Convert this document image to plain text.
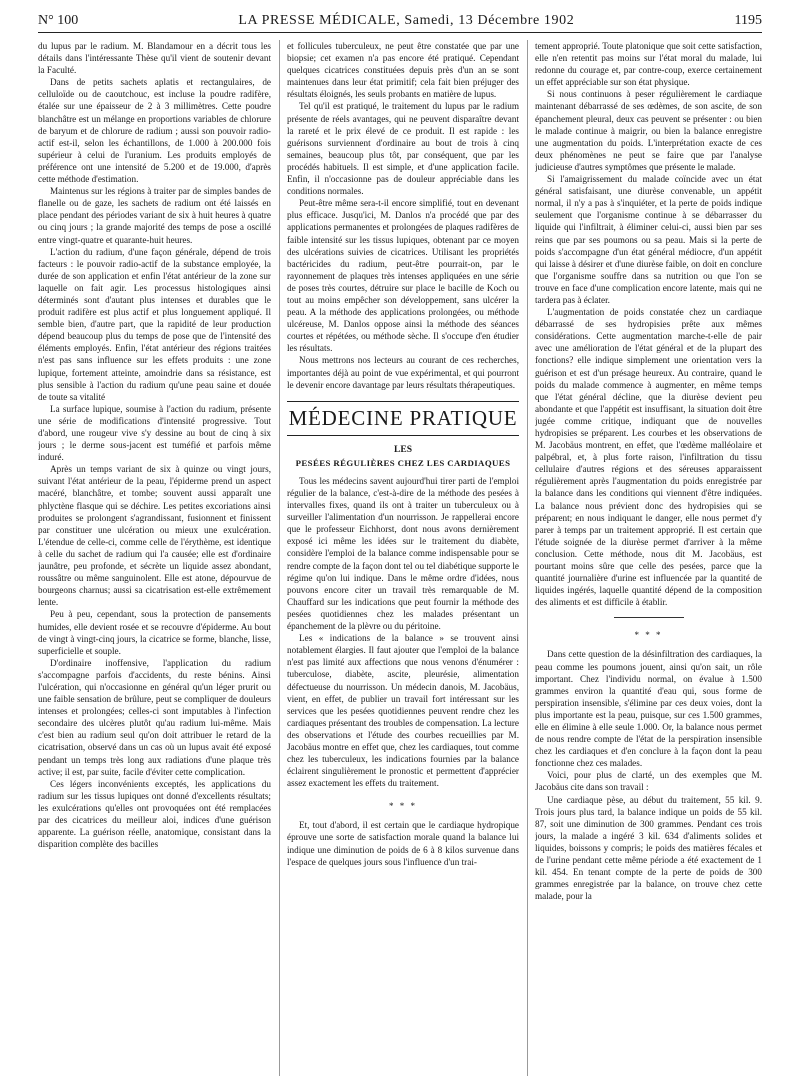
N° 100	LA PRESSE MÉDICALE, Samedi, 13 Décembre 1902	1195

du lupus par le radium. M. Blandamour en a décrit tous les détails dans l'intéressante Thèse qu'il vient de soutenir devant la Faculté.

Dans de petits sachets aplatis et rectangulaires, de celluloïde ou de caoutchouc, est incluse la poudre radifère, étalée sur une épaisseur de 2 à 3 millimètres. Cette poudre blanchâtre est un mélange en proportions variables de chlorure de baryum et de chlorure de radium ; aussi son pouvoir radio-actif est-il, selon les échantillons, de 1.000 à 200.000 fois supérieur à celui de l'uranium. Les produits employés de préférence ont une intensité de 5.200 et de 19.000, d'après cette méthode d'estimation.

Maintenus sur les régions à traiter par de simples bandes de flanelle ou de gaze, les sachets de radium ont été laissés en place pendant des périodes variant de six à huit heures à quatre ou cinq jours ; la grande majorité des temps de pose a oscillé entre vingt-quatre et quarante-huit heures.

L'action du radium, d'une façon générale, dépend de trois facteurs : le pouvoir radio-actif de la substance employée, la durée de son application et enfin l'état antérieur de la zone sur laquelle on fait agir. Les processus histologiques ainsi déterminés sont d'autant plus intenses et durables que le produit radifère est plus actif et plus longuement appliqué. Il semble bien, d'autre part, que la rapidité de leur production dépend beaucoup plus du temps de pose que de l'intensité des éléments employés. Enfin, l'état antérieur des régions traitées n'est pas sans influence sur les effets produits : une zone lupique, fortement atteinte, amoindrie dans sa résistance, est plus sensible à l'action du radium qu'une peau saine et douée de toute sa vitalité

La surface lupique, soumise à l'action du radium, présente une série de modifications d'intensité progressive. Tout d'abord, une rougeur vive s'y dessine au bout de cinq à six jours ; le derme sous-jacent est tuméfié et parfois même induré.

Après un temps variant de six à quinze ou vingt jours, suivant l'état antérieur de la peau, l'épiderme prend un aspect macéré, blanchâtre, et tombe; souvent aussi apparaît une phlyctène flasque qui se déchire. Les petites excoriations ainsi produites se prolongent s'agrandissant, fusionnent et finissent par constituer une ulcération ou mieux une exulcération. L'étendue de celle-ci, comme celle de l'érythème, est identique à celle du sachet de radium qui l'a causée; elle est d'ordinaire jaunâtre, peu profonde, et sécrète un liquide assez abondant, roussâtre ou même sanguinolent. Elle est atone, dépourvue de bourgeons charnus; aussi sa cicatrisation est-elle extrêmement lente.

Peu à peu, cependant, sous la protection de pansements humides, elle devient rosée et se recouvre d'épiderme. Au bout de vingt à vingt-cinq jours, la cicatrice se forme, blanche, lisse, superficielle et souple.

D'ordinaire inoffensive, l'application du radium s'accompagne parfois d'accidents, du reste bénins. Ainsi l'ulcération, qui n'occasionne en général qu'un léger prurit ou une faible sensation de brûlure, peut se compliquer de douleurs intenses et prolongées; celles-ci sont imputables à l'infection secondaire des ulcères plutôt qu'au radium lui-même. Mais c'est bien au radium seul qu'on doit attribuer le retard de la cicatrisation, observé dans un cas où un lupus avait été exposé pendant un temps très long aux radiations d'une plaque très active; il est, par suite, facile d'éviter cette complication.

Ces légers inconvénients exceptés, les applications du radium sur les tissus lupiques ont donné d'excellents résultats; les exulcérations qu'elles ont provoquées ont été remplacées par des cicatrices du meilleur aloi, indices d'une guérison apparente. La guérison réelle, anatomique, consistant dans la disparition complète des bacilles

et follicules tuberculeux, ne peut être constatée que par une biopsie; cet examen n'a pas encore été pratiqué. Cependant quelques cicatrices constituées depuis près d'un an se sont maintenues dans leur état primitif; cela fait bien préjuger des résultats éloignés, les seuls probants en matière de lupus.

Tel qu'il est pratiqué, le traitement du lupus par le radium présente de réels avantages, qui ne peuvent disparaître devant la rareté et le prix élevé de ce produit. Il est rapide : les guérisons surviennent d'ordinaire au bout de trois à cinq semaines, beaucoup plus tôt, par conséquent, que par les procédés habituels. Il est simple, et d'une application facile. Enfin, il n'occasionne pas de douleur appréciable dans les conditions normales.

Peut-être même sera-t-il encore simplifié, tout en devenant plus efficace. Jusqu'ici, M. Danlos n'a procédé que par des applications permanentes et prolongées de plaques radifères de faible intensité sur les tissus lupiques, obtenant par ce moyen des ulcérations suivies de cicatrices. Utilisant les propriétés bactéricides du radium, peut-être pourrait-on, par le rayonnement de plaques très intenses appliquées en une série de poses très courtes, détruire sur place le bacille de Koch ou tout au moins empêcher son développement, sans ulcérer la peau. A la méthode des applications prolongées, ou méthode ulcéreuse, M. Danlos oppose ainsi la méthode des séances courtes et répétées, ou méthode sèche. Il s'occupe d'en étudier les résultats.

Nous mettrons nos lecteurs au courant de ces recherches, importantes déjà au point de vue expérimental, et qui pourront le devenir encore davantage par leurs résultats thérapeutiques.

MÉDECINE PRATIQUE
LES
PESÉES RÉGULIÈRES CHEZ LES CARDIAQUES

Tous les médecins savent aujourd'hui tirer parti de l'emploi régulier de la balance, c'est-à-dire de la méthode des pesées à intervalles fixes, quand ils ont à traiter un tuberculeux ou à surveiller l'alimentation d'un nourrisson. Je rappellerai encore que le professeur Eichhorst, dont nous avons dernièrement exposé ici même les idées sur le traitement du diabète, considère l'emploi de la balance comme indispensable pour se rendre compte de la façon dont tel ou tel diabétique supporte le régime qu'on lui indique. Dans le même ordre d'idées, nous pouvons encore citer un travail très remarquable de M. Chauffard sur les indications que peut fournir la méthode des pesées quotidiennes chez les malades présentant un épanchement de la plèvre ou du péritoine.

Les « indications de la balance » se trouvent ainsi notablement élargies. Il faut ajouter que l'emploi de la balance n'est pas limité aux affections que nous venons d'énumérer : tuberculose, diabète, ascite, pleurésie, alimentation défectueuse du nourrisson. Un médecin danois, M. Jacobäus, vient, en effet, de publier un travail fort intéressant sur les services que les pesées quotidiennes peuvent rendre chez les cardiaques présentant des troubles de compensation. La lecture des observations et l'étude des courbes recueillies par M. Jacobäus montre en effet que, chez les cardiaques, tout comme chez les tuberculeux, les indications fournies par la balance éclairent singulièrement le pronostic et permettent d'apprécier assez exactement les effets du traitement.

* * *

Et, tout d'abord, il est certain que le cardiaque hydropique éprouve une sorte de satisfaction morale quand la balance lui indique une diminution de poids de 6 à 8 kilos survenue dans l'espace de quelques jours sous l'influence d'un trai-

tement approprié. Toute platonique que soit cette satisfaction, elle n'en retentit pas moins sur l'état moral du malade, lui redonne du courage et, par contre-coup, exerce certainement un effet appréciable sur son état physique.

Si nous continuons à peser régulièrement le cardiaque maintenant débarrassé de ses œdèmes, de son ascite, de son épanchement pleural, deux cas peuvent se présenter : ou bien le malade continue à maigrir, ou bien la balance enregistre une augmentation du poids. L'interprétation exacte de ces deux phénomènes ne peut se faire que par l'analyse judicieuse d'autres symptômes que présente le malade.

Si l'amaigrissement du malade coïncide avec un état général satisfaisant, une diurèse convenable, un appétit normal, il n'y a pas à s'inquiéter, et la perte de poids indique seulement que l'organisme continue à se débarrasser du liquide qui l'infiltrait, à éliminer celui-ci, aussi bien par ses reins que par ses poumons ou sa peau. Mais si la perte de poids s'accompagne d'un état général médiocre, d'un appétit qui laisse à désirer et d'une diurèse faible, on doit en conclure que l'organisme souffre dans sa nutrition ou que l'on se trouve en face d'une complication encore latente, mais qui ne tardera pas à éclater.

L'augmentation de poids constatée chez un cardiaque débarrassé de ses hydropisies prête aux mêmes considérations. Cette augmentation marche-t-elle de pair avec une amélioration de l'état général et de la plupart des fonctions? elle indique simplement une orientation vers la guérison et est d'un présage heureux. Au contraire, quand le poids du malade commence à augmenter, en même temps que l'état général décline, que la diurèse devient peu abondante et que l'appétit est insuffisant, la situation doit être jugée comme critique, indiquant que de nouvelles hydropisies se préparent. Les courbes et les observations de M. Jacobäus montrent, en effet, que l'œdème malléolaire et palpébral, et, à plus forte raison, l'infiltration du tissu cellulaire d'autres régions et des séreuses apparaissent régulièrement après l'augmentation du poids enregistrée par la balance dans les conditions qui viennent d'être indiquées. La balance nous prévient donc des hydropisies qui se préparent; en nous indiquant le danger, elle nous permet d'y parer à temps par un traitement approprié. Il est certain que l'étude soignée de la diurèse permet d'arriver à la même conclusion. Cette méthode, nous dit M. Jacobäus, est pourtant moins sûre que celle des pesées, parce que la quantité journalière d'urine est influencée par la quantité de liquides ingérés, laquelle quantité dépend de la composition des aliments et est difficile à établir.

* * *

Dans cette question de la désinfiltration des cardiaques, la peau comme les poumons jouent, ainsi qu'on sait, un rôle important. Chez l'individu normal, on évalue à 1.500 grammes environ la quantité d'eau qui, sous forme de perspiration insensible, s'élimine par ces deux voies, dont la plus importante est la peau, puisque, sur ces 1.500 grammes, elle en élimine à elle seule 1.000. Or, la balance nous permet de nous rendre compte de l'état de la perspiration insensible chez les cardiaques et d'en conclure à la façon dont la peau fonctionne chez ces malades.

Voici, pour plus de clarté, un des exemples que M. Jacobäus cite dans son travail :

Une cardiaque pèse, au début du traitement, 55 kil. 9. Trois jours plus tard, la balance indique un poids de 55 kil. 87, soit une diminution de 300 grammes. Pendant ces trois jours, la malade a ingéré 3 kil. 634 d'aliments solides et liquides, boissons y compris; le poids des matières fécales et de l'urine pendant cette même période a été exactement de 1 kil. 454. En tenant compte de la perte de poids de 300 grammes enregistrée par la balance, on trouve chez cette malade, pour la
